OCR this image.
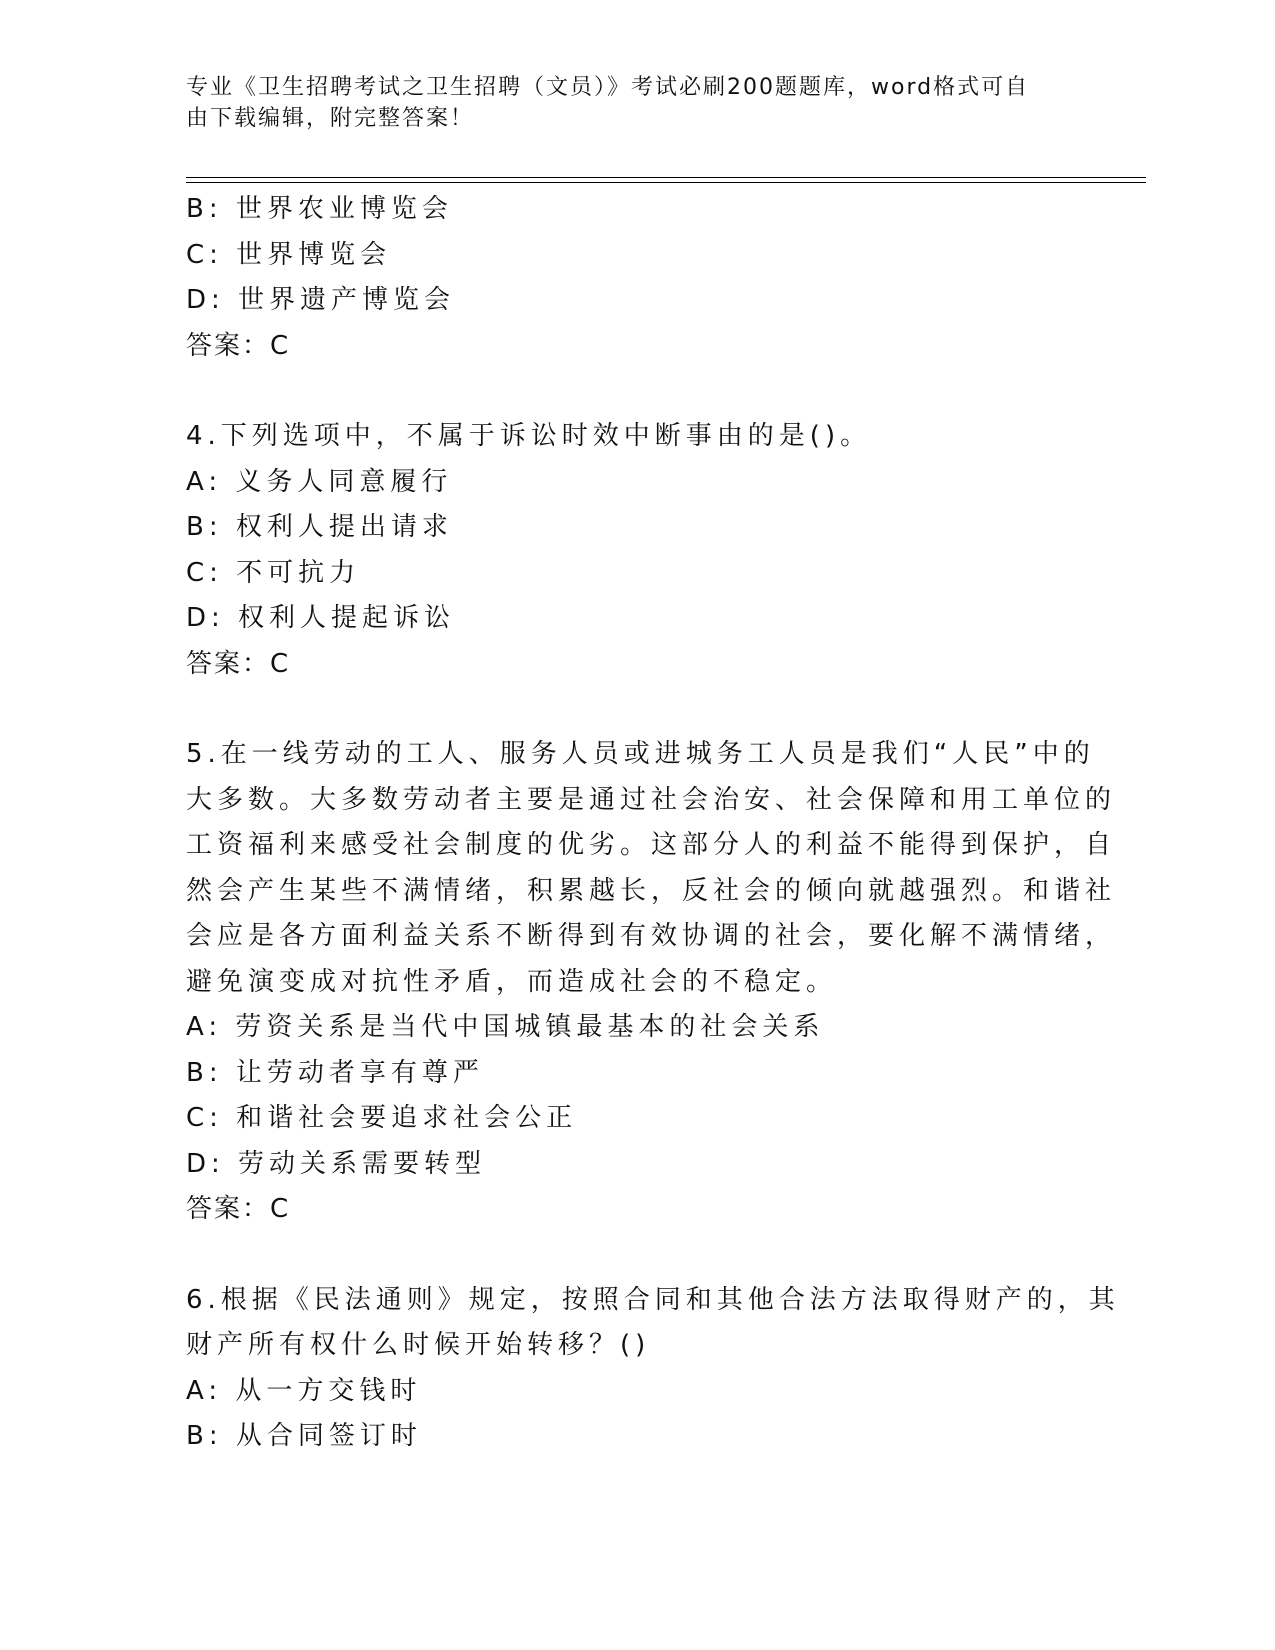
专业《卫生招聘考试之卫生招聘（文员）》考试必刷200题题库，word格式可自
由下载编辑，附完整答案！
B: 世界农业博览会
C: 世界博览会
D: 世界遗产博览会
答案：C
4.下列选项中，不属于诉讼时效中断事由的是()。
A: 义务人同意履行
B: 权利人提出请求
C: 不可抗力
D: 权利人提起诉讼
答案：C
5.在一线劳动的工人、服务人员或进城务工人员是我们“人民”中的
大多数。大多数劳动者主要是通过社会治安、社会保障和用工单位的
工资福利来感受社会制度的优劣。这部分人的利益不能得到保护，自
然会产生某些不满情绪，积累越长，反社会的倾向就越强烈。和谐社
会应是各方面利益关系不断得到有效协调的社会，要化解不满情绪，
避免演变成对抗性矛盾，而造成社会的不稳定。
A: 劳资关系是当代中国城镇最基本的社会关系
B: 让劳动者享有尊严
C: 和谐社会要追求社会公正
D: 劳动关系需要转型
答案：C
6.根据《民法通则》规定，按照合同和其他合法方法取得财产的，其
财产所有权什么时候开始转移？()
A: 从一方交钱时
B: 从合同签订时
